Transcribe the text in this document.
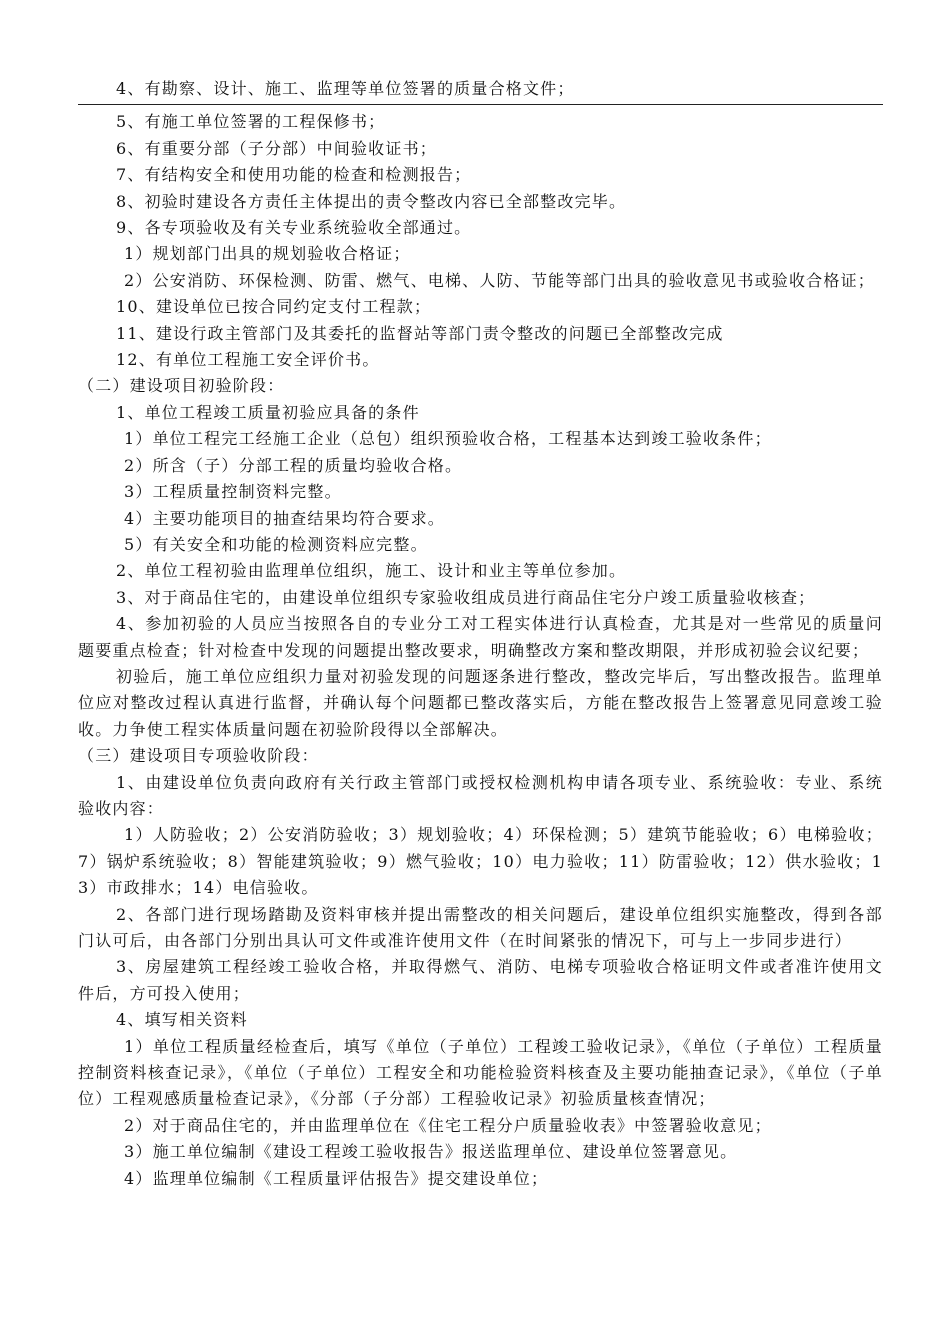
4、有勘察、设计、施工、监理等单位签署的质量合格文件；

5、有施工单位签署的工程保修书；

6、有重要分部（子分部）中间验收证书；

7、有结构安全和使用功能的检查和检测报告；

8、初验时建设各方责任主体提出的责令整改内容已全部整改完毕。

9、各专项验收及有关专业系统验收全部通过。

1）规划部门出具的规划验收合格证；

2）公安消防、环保检测、防雷、燃气、电梯、人防、节能等部门出具的验收意见书或验收合格证；

10、建设单位已按合同约定支付工程款；

11、建设行政主管部门及其委托的监督站等部门责令整改的问题已全部整改完成

12、有单位工程施工安全评价书。

（二）建设项目初验阶段：

1、单位工程竣工质量初验应具备的条件

1）单位工程完工经施工企业（总包）组织预验收合格，工程基本达到竣工验收条件；

2）所含（子）分部工程的质量均验收合格。

3）工程质量控制资料完整。

4）主要功能项目的抽查结果均符合要求。

5）有关安全和功能的检测资料应完整。

2、单位工程初验由监理单位组织，施工、设计和业主等单位参加。

3、对于商品住宅的，由建设单位组织专家验收组成员进行商品住宅分户竣工质量验收核查；

4、参加初验的人员应当按照各自的专业分工对工程实体进行认真检查，尤其是对一些常见的质量问题要重点检查；针对检查中发现的问题提出整改要求，明确整改方案和整改期限，并形成初验会议纪要；

初验后，施工单位应组织力量对初验发现的问题逐条进行整改，整改完毕后，写出整改报告。监理单位应对整改过程认真进行监督，并确认每个问题都已整改落实后，方能在整改报告上签署意见同意竣工验收。力争使工程实体质量问题在初验阶段得以全部解决。

（三）建设项目专项验收阶段：

1、由建设单位负责向政府有关行政主管部门或授权检测机构申请各项专业、系统验收：专业、系统验收内容：

1）人防验收；2）公安消防验收；3）规划验收；4）环保检测；5）建筑节能验收；6）电梯验收；7）锅炉系统验收；8）智能建筑验收；9）燃气验收；10）电力验收；11）防雷验收；12）供水验收；13）市政排水；14）电信验收。

2、各部门进行现场踏勘及资料审核并提出需整改的相关问题后，建设单位组织实施整改，得到各部门认可后，由各部门分别出具认可文件或准许使用文件（在时间紧张的情况下，可与上一步同步进行）

3、房屋建筑工程经竣工验收合格，并取得燃气、消防、电梯专项验收合格证明文件或者准许使用文件后，方可投入使用；

4、填写相关资料

1）单位工程质量经检查后，填写《单位（子单位）工程竣工验收记录》，《单位（子单位）工程质量控制资料核查记录》，《单位（子单位）工程安全和功能检验资料核查及主要功能抽查记录》，《单位（子单位）工程观感质量检查记录》，《分部（子分部）工程验收记录》初验质量核查情况；

2）对于商品住宅的，并由监理单位在《住宅工程分户质量验收表》中签署验收意见；

3）施工单位编制《建设工程竣工验收报告》报送监理单位、建设单位签署意见。

4）监理单位编制《工程质量评估报告》提交建设单位；
